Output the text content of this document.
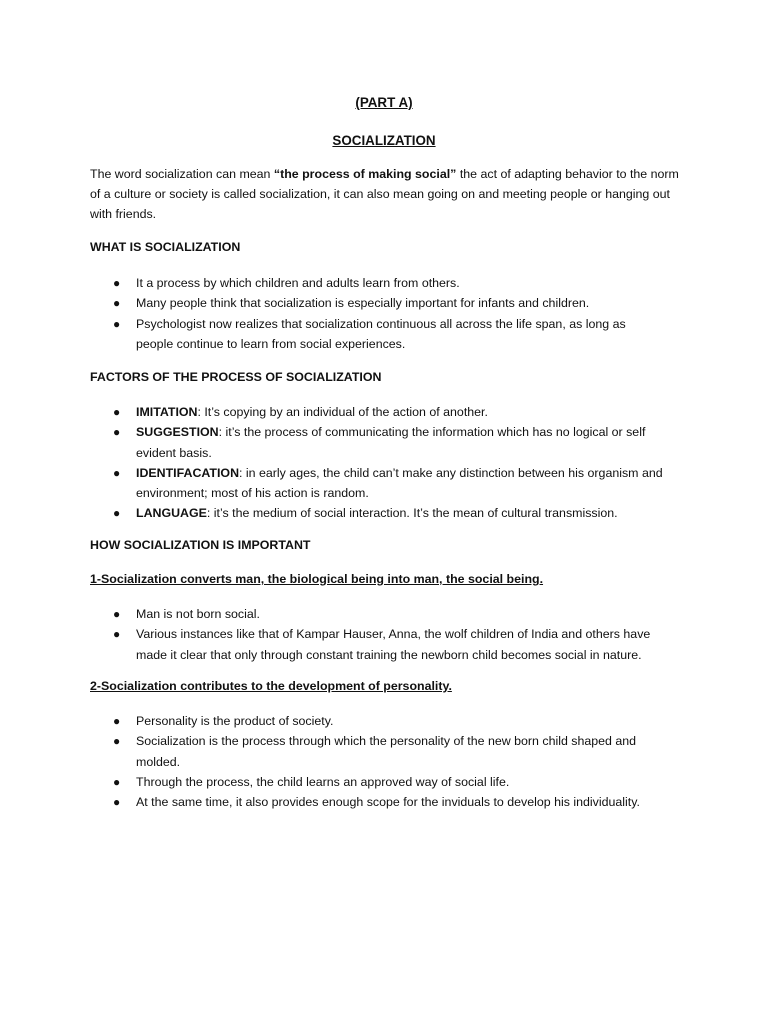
(PART A)
SOCIALIZATION

The word socialization can mean “the process of making social” the act of adapting behavior to the norm of a culture or society is called socialization, it can also mean going on and meeting people or hanging out with friends.

WHAT IS SOCIALIZATION
● It a process by which children and adults learn from others.
● Many people think that socialization is especially important for infants and children.
● Psychologist now realizes that socialization continuous all across the life span, as long as people continue to learn from social experiences.
FACTORS OF THE PROCESS OF SOCIALIZATION
● IMITATION: It’s copying by an individual of the action of another.
● SUGGESTION: it’s the process of communicating the information which has no logical or self evident basis.
● IDENTIFACATION: in early ages, the child can’t make any distinction between his organism and environment; most of his action is random.
● LANGUAGE: it’s the medium of social interaction. It’s the mean of cultural transmission.
HOW SOCIALIZATION IS IMPORTANT
1-Socialization converts man, the biological being into man, the social being.
● Man is not born social.
● Various instances like that of Kampar Hauser, Anna, the wolf children of India and others have made it clear that only through constant training the newborn child becomes social in nature.
2-Socialization contributes to the development of personality.
● Personality is the product of society.
● Socialization is the process through which the personality of the new born child shaped and molded.
● Through the process, the child learns an approved way of social life.
● At the same time, it also provides enough scope for the inviduals to develop his individuality.
